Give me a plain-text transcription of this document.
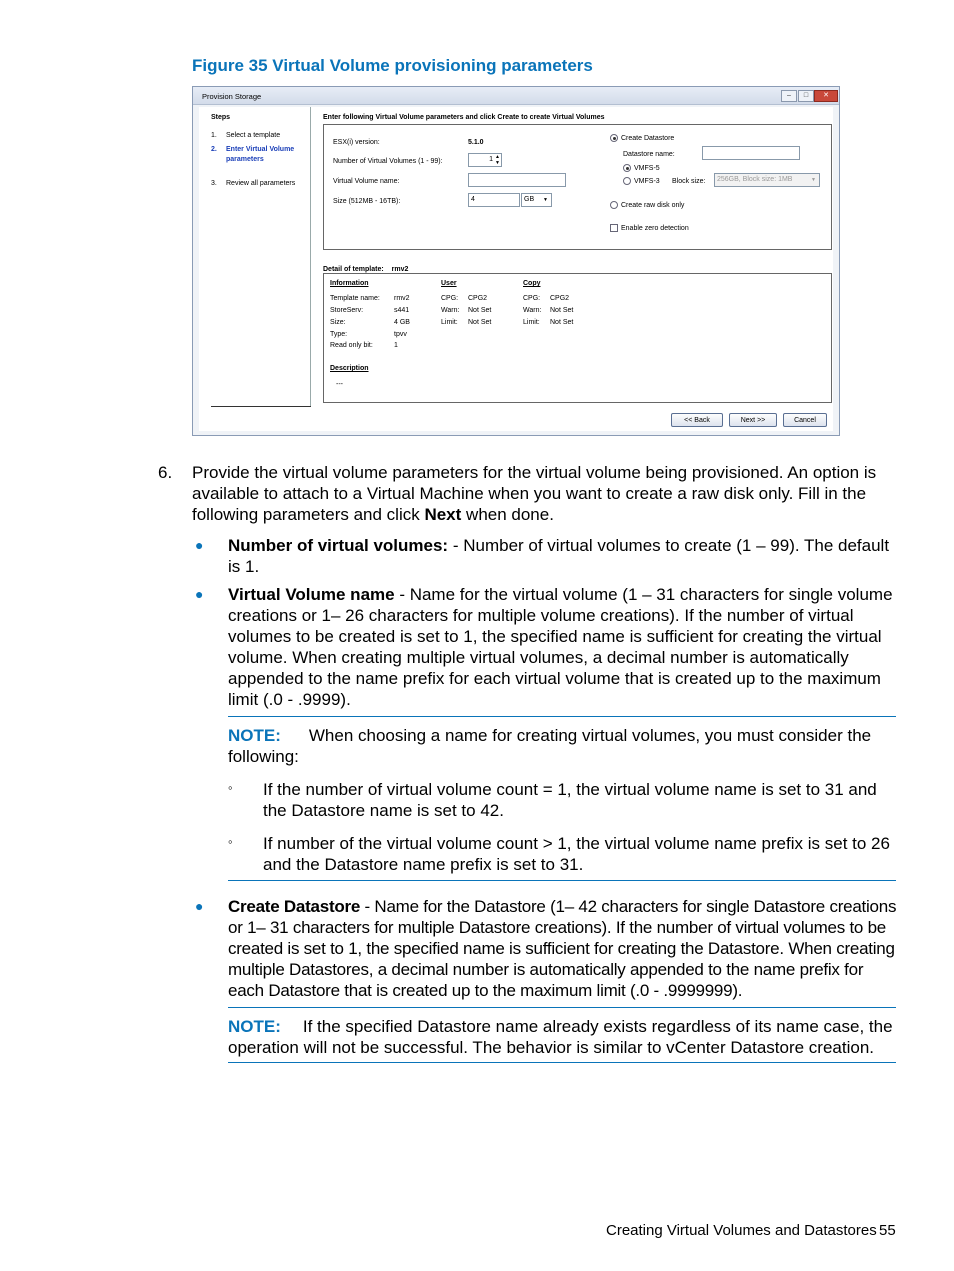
Figure 35 Virtual Volume provisioning parameters
Provision Storage	–	□	✕
Steps
1. Select a template
2. Enter Virtual Volume parameters
3. Review all parameters
Enter following Virtual Volume parameters and click Create to create Virtual Volumes
ESX(i) version:	5.1.0
Number of Virtual Volumes (1 - 99):	1 ▲
▼
Virtual Volume name:
Size (512MB - 16TB):	4	GB ▼
Create Datastore
Datastore name:
VMFS-5
VMFS-3 Block size:	256GB, Block size: 1MB	▼
Create raw disk only
Enable zero detection
Detail of template: rmv2
Information
Template name: rmv2
StoreServ:	s441
Size:	4 GB
Type:	tpvv
Read only bit:	1
User
CPG: CPG2
Warn: Not Set
Limit: Not Set
Copy
CPG: CPG2
Warn: Not Set
Limit: Not Set
Description
---
<< Back	Next >>	Cancel
6. Provide the virtual volume parameters for the virtual volume being provisioned. An option is available to attach to a Virtual Machine when you want to create a raw disk only. Fill in the following parameters and click Next when done.
● Number of virtual volumes: - Number of virtual volumes to create (1 – 99). The default is 1.
● Virtual Volume name - Name for the virtual volume (1 – 31 characters for single volume creations or 1– 26 characters for multiple volume creations). If the number of virtual volumes to be created is set to 1, the specified name is sufficient for creating the virtual volume. When creating multiple virtual volumes, a decimal number is automatically appended to the name prefix for each virtual volume that is created up to the maximum limit (.0 - .9999).
NOTE: When choosing a name for creating virtual volumes, you must consider the following:
◦ If the number of virtual volume count = 1, the virtual volume name is set to 31 and the Datastore name is set to 42.
◦ If number of the virtual volume count > 1, the virtual volume name prefix is set to 26 and the Datastore name prefix is set to 31.
● Create Datastore - Name for the Datastore (1– 42 characters for single Datastore creations or 1– 31 characters for multiple Datastore creations). If the number of virtual volumes to be created is set to 1, the specified name is sufficient for creating the Datastore. When creating multiple Datastores, a decimal number is automatically appended to the name prefix for each Datastore that is created up to the maximum limit (.0 - .9999999).
NOTE: If the specified Datastore name already exists regardless of its name case, the operation will not be successful. The behavior is similar to vCenter Datastore creation.
Creating Virtual Volumes and Datastores 55
